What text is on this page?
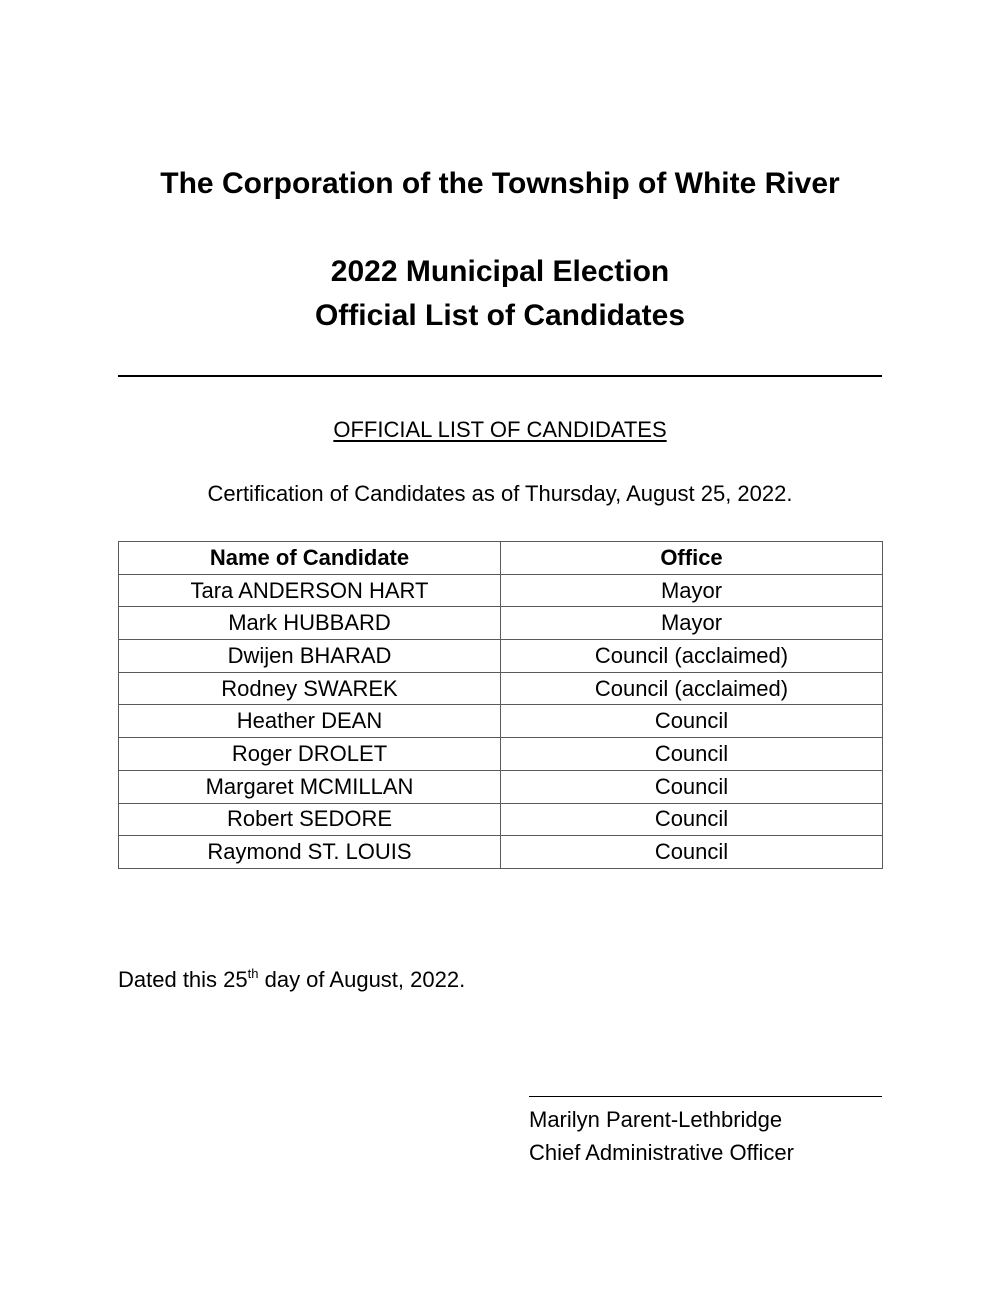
The Corporation of the Township of White River
2022 Municipal Election
Official List of Candidates
OFFICIAL LIST OF CANDIDATES
Certification of Candidates as of Thursday, August 25, 2022.
Name of Candidate	Office
Tara ANDERSON HART	Mayor
Mark HUBBARD	Mayor
Dwijen BHARAD	Council (acclaimed)
Rodney SWAREK	Council (acclaimed)
Heather DEAN	Council
Roger DROLET	Council
Margaret MCMILLAN	Council
Robert SEDORE	Council
Raymond ST. LOUIS	Council
Dated this 25th day of August, 2022.
Marilyn Parent-Lethbridge
Chief Administrative Officer
